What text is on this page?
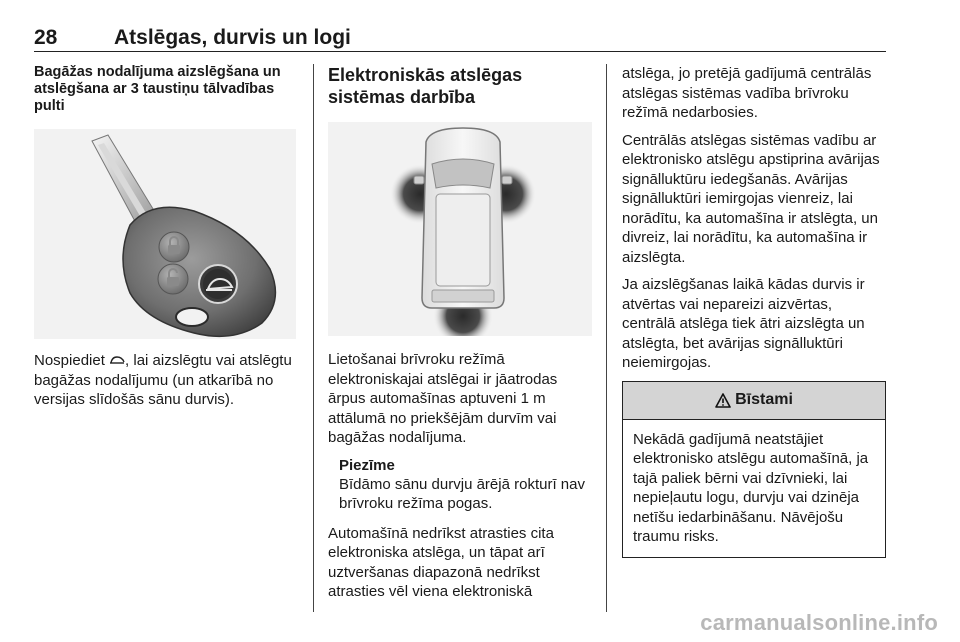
28	Atslēgas, durvis un logi
Bagāžas nodalījuma aizslēgšana un atslēgšana ar 3 taustiņu tālvadības pulti

Nospiediet , lai aizslēgtu vai atslēgtu bagāžas nodalījumu (un atkarībā no versijas slīdošās sānu durvis).

Elektroniskās atslēgas sistēmas darbība

Lietošanai brīvroku režīmā elektroniskajai atslēgai ir jāatrodas ārpus automašīnas aptuveni 1 m attālumā no priekšējām durvīm vai bagāžas nodalījuma.

Piezīme
Bīdāmo sānu durvju ārējā rokturī nav brīvroku režīma pogas.

Automašīnā nedrīkst atrasties cita elektroniska atslēga, un tāpat arī uztveršanas diapazonā nedrīkst atrasties vēl viena elektroniskā

atslēga, jo pretējā gadījumā centrālās atslēgas sistēmas vadība brīvroku režīmā nedarbosies.

Centrālās atslēgas sistēmas vadību ar elektronisko atslēgu apstiprina avārijas signālluktūru iedegšanās. Avārijas signālluktūri iemirgojas vienreiz, lai norādītu, ka automašīna ir atslēgta, un divreiz, lai norādītu, ka automašīna ir aizslēgta.

Ja aizslēgšanas laikā kādas durvis ir atvērtas vai nepareizi aizvērtas, centrālā atslēga tiek ātri aizslēgta un atslēgta, bet avārijas signālluktūri neiemirgojas.

Bīstami
Nekādā gadījumā neatstājiet elektronisko atslēgu automašīnā, ja tajā paliek bērni vai dzīvnieki, lai nepieļautu logu, durvju vai dzinēja netīšu iedarbināšanu. Nāvējošu traumu risks.
carmanualsonline.info
